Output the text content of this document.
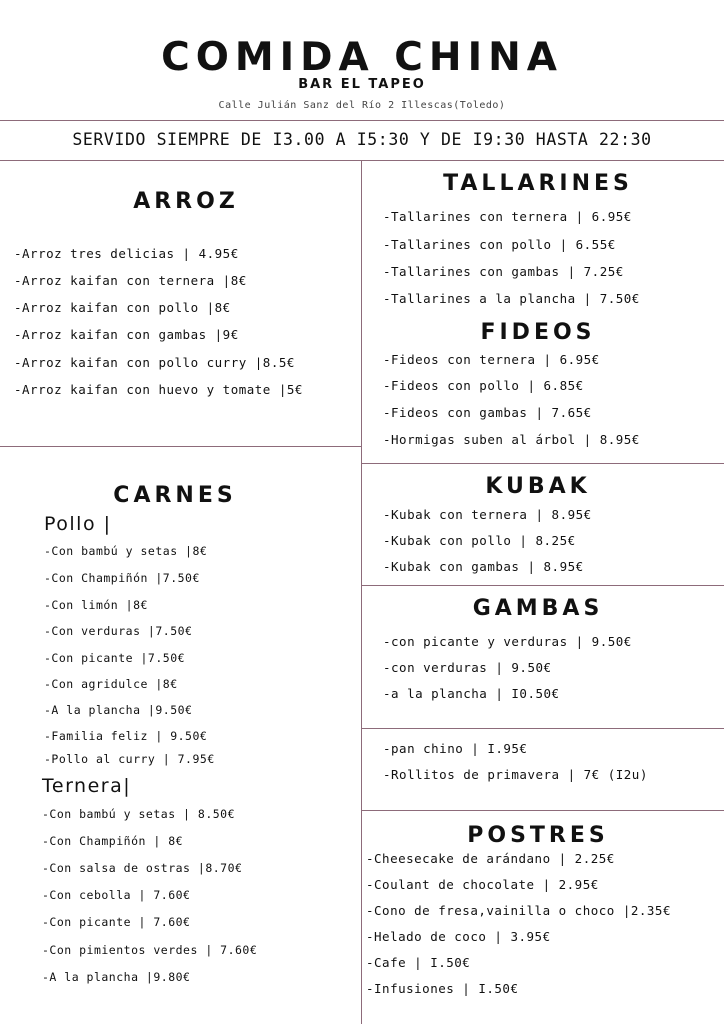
COMIDA CHINA
BAR EL TAPEO
Calle Julián Sanz del Río 2 Illescas(Toledo)
SERVIDO SIEMPRE DE I3.00 A I5:30 Y DE I9:30 HASTA 22:30
ARROZ
-Arroz tres delicias | 4.95€
-Arroz kaifan con ternera |8€
-Arroz kaifan con pollo |8€
-Arroz kaifan con gambas |9€
-Arroz kaifan con pollo curry |8.5€
-Arroz kaifan con huevo y tomate |5€
CARNES
Pollo |
-Con bambú y setas |8€
-Con Champiñón |7.50€
-Con limón |8€
-Con verduras |7.50€
-Con picante |7.50€
-Con agridulce |8€
-A la plancha |9.50€
-Familia feliz | 9.50€
-Pollo al curry | 7.95€
Ternera|
-Con bambú y setas | 8.50€
-Con Champiñón | 8€
-Con salsa de ostras |8.70€
-Con cebolla | 7.60€
-Con picante | 7.60€
-Con pimientos verdes | 7.60€
-A la plancha |9.80€
TALLARINES
-Tallarines con ternera | 6.95€
-Tallarines con pollo | 6.55€
-Tallarines con gambas | 7.25€
-Tallarines a la plancha | 7.50€
FIDEOS
-Fideos con ternera | 6.95€
-Fideos con pollo | 6.85€
-Fideos con gambas | 7.65€
-Hormigas suben al árbol | 8.95€
KUBAK
-Kubak con ternera | 8.95€
-Kubak con pollo | 8.25€
-Kubak con gambas | 8.95€
GAMBAS
-con picante y verduras | 9.50€
-con verduras | 9.50€
-a la plancha | I0.50€
-pan chino | I.95€
-Rollitos de primavera | 7€ (I2u)
POSTRES
-Cheesecake de arándano | 2.25€
-Coulant de chocolate | 2.95€
-Cono de fresa,vainilla o choco |2.35€
-Helado de coco | 3.95€
-Cafe | I.50€
-Infusiones | I.50€
